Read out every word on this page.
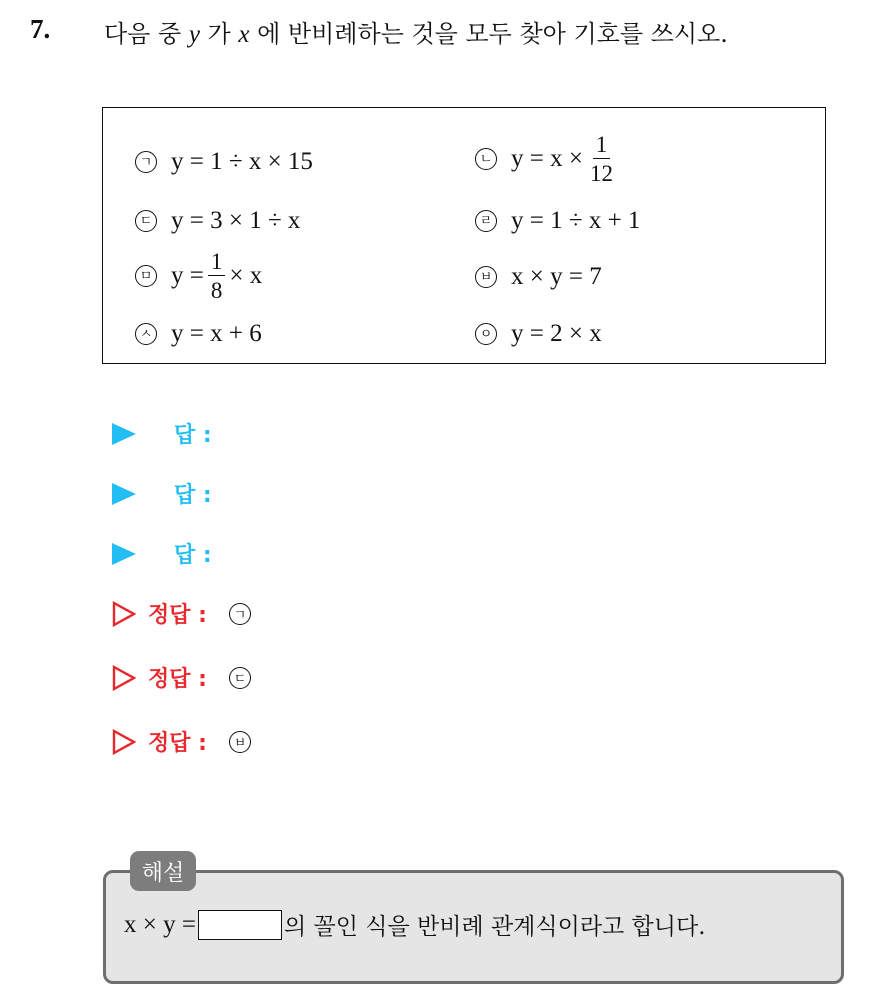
7. 다음 중 y 가 x 에 반비례하는 것을 모두 찾아 기호를 쓰시오.
ㄱ y = 1 ÷ x × 15	ㄴ $y = x \times \frac{1}{12}$
ㄷ y = 3 × 1 ÷ x	ㄹ y = 1 ÷ x + 1
ㅁ $y = \frac{1}{8} \times x$	ㅂ x × y = 7
ㅅ y = x + 6	ㅇ y = 2 × x
답 :
답 :
답 :
정답 :	ㄱ
정답 :	ㄷ
정답 :	ㅂ
해설
x × y =	의 꼴인 식을 반비례 관계식이라고 합니다.
